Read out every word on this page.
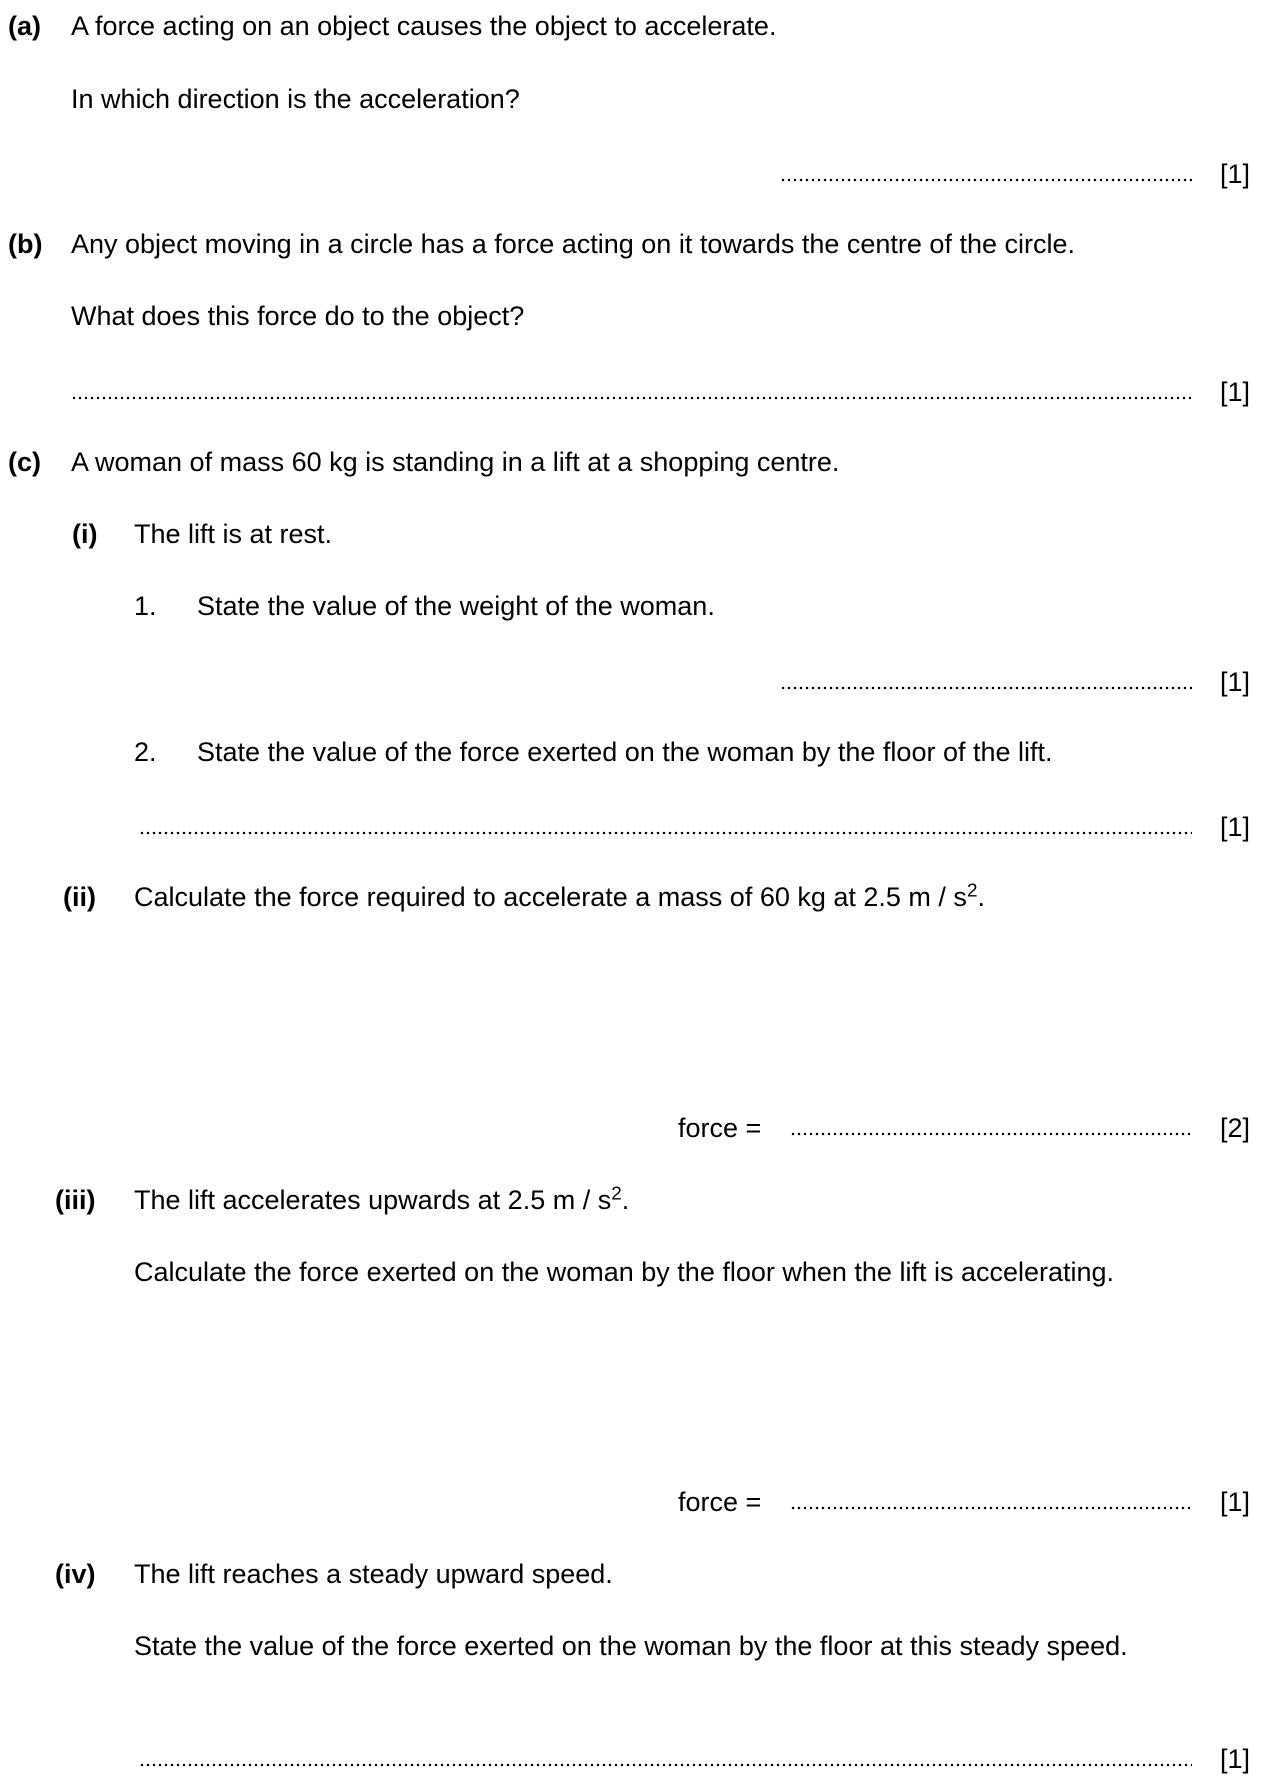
(a) A force acting on an object causes the object to accelerate.
In which direction is the acceleration?
[1]
(b) Any object moving in a circle has a force acting on it towards the centre of the circle.
What does this force do to the object?
[1]
(c) A woman of mass 60 kg is standing in a lift at a shopping centre.
(i) The lift is at rest.
1. State the value of the weight of the woman.
[1]
2. State the value of the force exerted on the woman by the floor of the lift.
[1]
(ii) Calculate the force required to accelerate a mass of 60 kg at 2.5 m / $s^2$.
force =	[2]
(iii) The lift accelerates upwards at 2.5 m / $s^2$.
Calculate the force exerted on the woman by the floor when the lift is accelerating.
force =	[1]
(iv) The lift reaches a steady upward speed.
State the value of the force exerted on the woman by the floor at this steady speed.
[1]
